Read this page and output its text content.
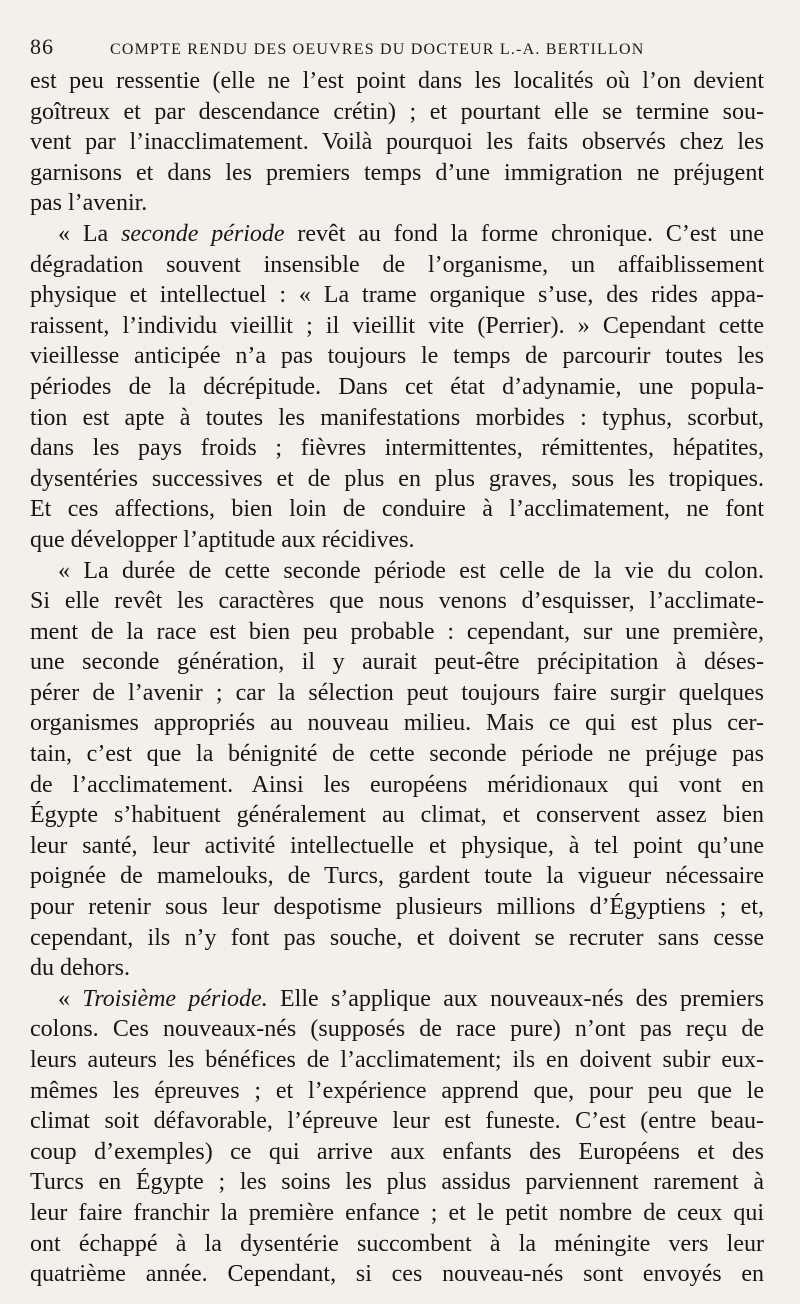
86	COMPTE RENDU DES OEUVRES DU DOCTEUR L.-A. BERTILLON

est peu ressentie (elle ne l’est point dans les localités où l’on devient
goîtreux et par descendance crétin) ; et pourtant elle se termine sou-
vent par l’inacclimatement. Voilà pourquoi les faits observés chez les
garnisons et dans les premiers temps d’une immigration ne préjugent
pas l’avenir.

« La seconde période revêt au fond la forme chronique. C’est une
dégradation souvent insensible de l’organisme, un affaiblissement
physique et intellectuel : « La trame organique s’use, des rides appa-
raissent, l’individu vieillit ; il vieillit vite (Perrier). » Cependant cette
vieillesse anticipée n’a pas toujours le temps de parcourir toutes les
périodes de la décrépitude. Dans cet état d’adynamie, une popula-
tion est apte à toutes les manifestations morbides : typhus, scorbut,
dans les pays froids ; fièvres intermittentes, rémittentes, hépatites,
dysentéries successives et de plus en plus graves, sous les tropiques.
Et ces affections, bien loin de conduire à l’acclimatement, ne font
que développer l’aptitude aux récidives.

« La durée de cette seconde période est celle de la vie du colon.
Si elle revêt les caractères que nous venons d’esquisser, l’acclimate-
ment de la race est bien peu probable : cependant, sur une première,
une seconde génération, il y aurait peut-être précipitation à déses-
pérer de l’avenir ; car la sélection peut toujours faire surgir quelques
organismes appropriés au nouveau milieu. Mais ce qui est plus cer-
tain, c’est que la bénignité de cette seconde période ne préjuge pas
de l’acclimatement. Ainsi les européens méridionaux qui vont en
Égypte s’habituent généralement au climat, et conservent assez bien
leur santé, leur activité intellectuelle et physique, à tel point qu’une
poignée de mamelouks, de Turcs, gardent toute la vigueur nécessaire
pour retenir sous leur despotisme plusieurs millions d’Égyptiens ; et,
cependant, ils n’y font pas souche, et doivent se recruter sans cesse
du dehors.

« Troisième période. Elle s’applique aux nouveaux-nés des premiers
colons. Ces nouveaux-nés (supposés de race pure) n’ont pas reçu de
leurs auteurs les bénéfices de l’acclimatement; ils en doivent subir eux-
mêmes les épreuves ; et l’expérience apprend que, pour peu que le
climat soit défavorable, l’épreuve leur est funeste. C’est (entre beau-
coup d’exemples) ce qui arrive aux enfants des Européens et des
Turcs en Égypte ; les soins les plus assidus parviennent rarement à
leur faire franchir la première enfance ; et le petit nombre de ceux qui
ont échappé à la dysentérie succombent à la méningite vers leur
quatrième année. Cependant, si ces nouveau-nés sont envoyés en
